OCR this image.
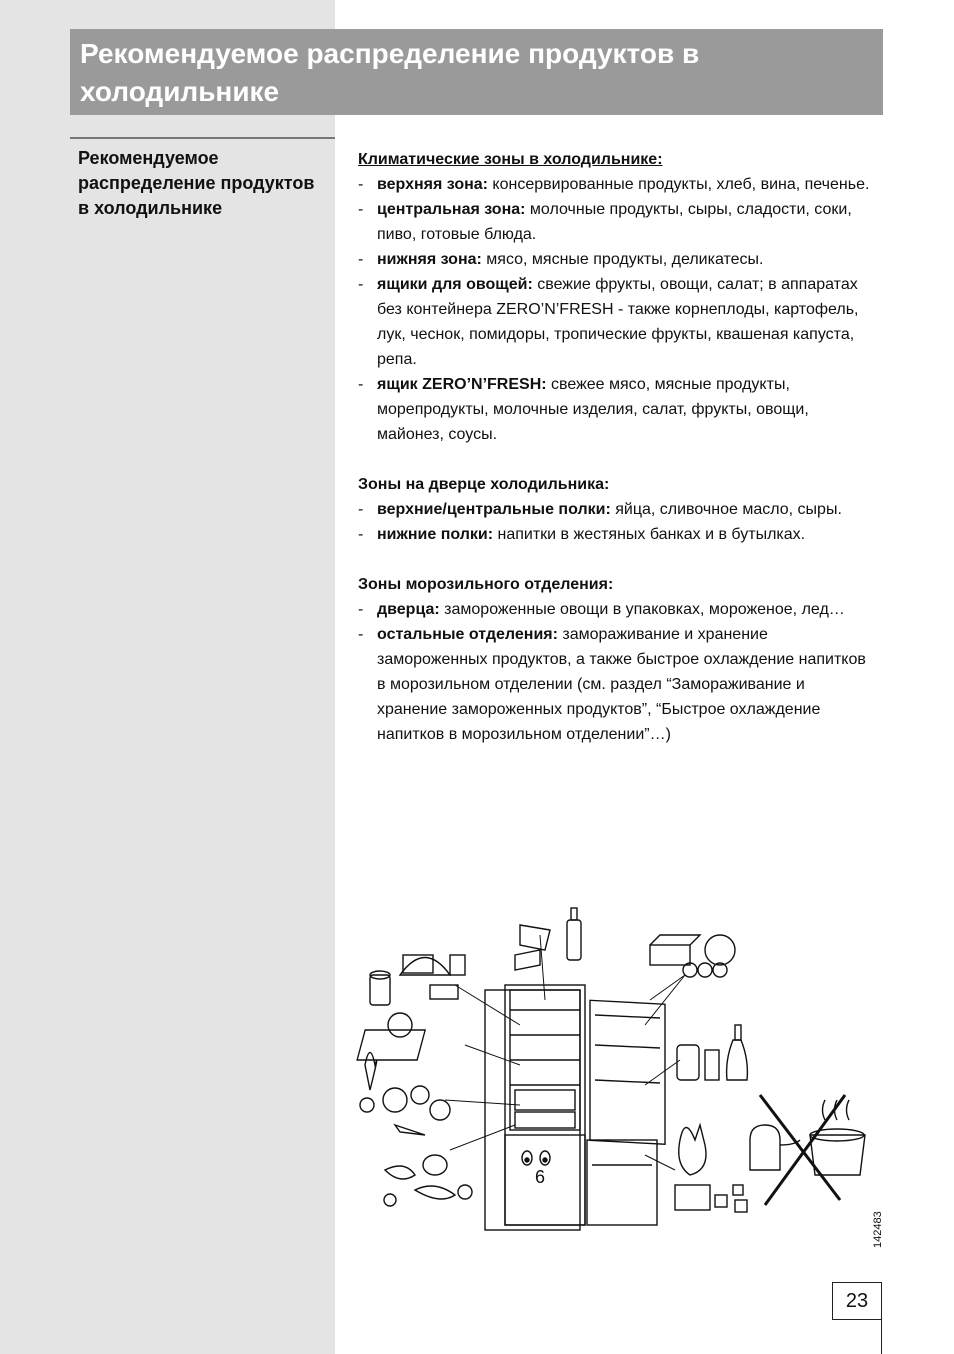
Рекомендуемое распределение продуктов в холодильнике
Рекомендуемое распределение продуктов в холодильнике

Климатические зоны в холодильнике:

- верхняя зона: консервированные продукты, хлеб, вина, печенье.
- центральная зона: молочные продукты, сыры, сладости, соки, пиво, готовые блюда.
- нижняя зона: мясо, мясные продукты, деликатесы.
- ящики для овощей: свежие фрукты, овощи, салат; в аппаратах без контейнера ZERO’N’FRESH - также корнеплоды, картофель, лук, чеснок, помидоры, тропические фрукты, квашеная капуста, репа.
- ящик ZERO’N’FRESH: свежее мясо, мясные продукты, морепродукты, молочные изделия, салат, фрукты, овощи, майонез, соусы.

Зоны на дверце холодильника:

- верхние/центральные полки: яйца, сливочное масло, сыры.
- нижние полки: напитки в жестяных банках и в бутылках.

Зоны морозильного отделения:

- дверца: замороженные овощи в упаковках, мороженое, лед…
- остальные отделения: замораживание и хранение замороженных продуктов, а также быстрое охлаждение напитков в морозильном отделении (см. раздел “Замораживание и хранение замороженных продуктов”, “Быстрое охлаждение напитков в морозильном отделении”…)
6
142483
23
